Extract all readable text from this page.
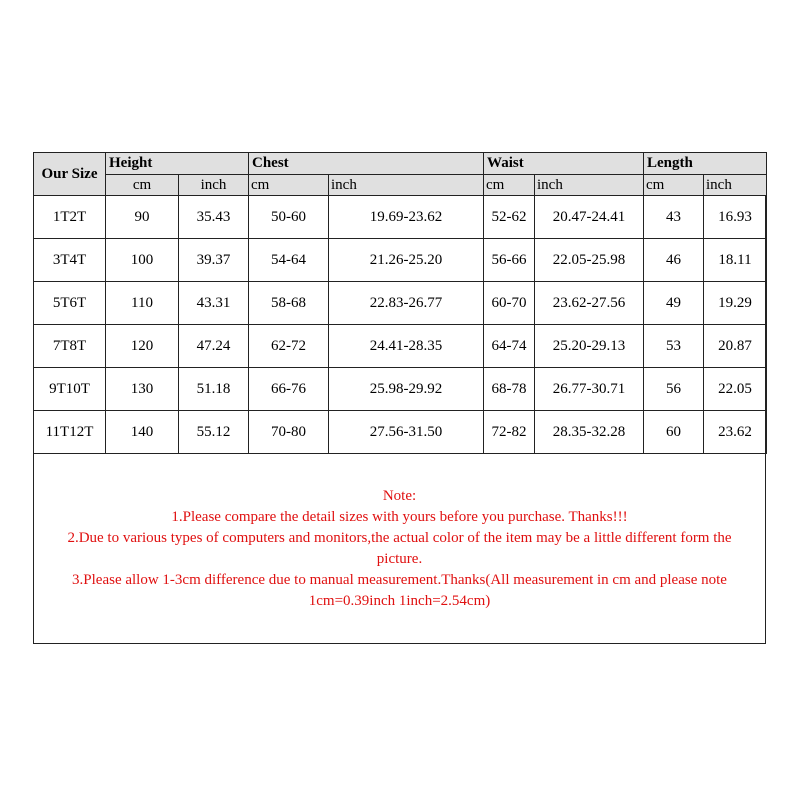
Our Size	Height		Chest		Waist		Length	
	cm	inch	cm	inch	cm	inch	cm	inch
1T2T	90	35.43	50-60	19.69-23.62	52-62	20.47-24.41	43	16.93
3T4T	100	39.37	54-64	21.26-25.20	56-66	22.05-25.98	46	18.11
5T6T	110	43.31	58-68	22.83-26.77	60-70	23.62-27.56	49	19.29
7T8T	120	47.24	62-72	24.41-28.35	64-74	25.20-29.13	53	20.87
9T10T	130	51.18	66-76	25.98-29.92	68-78	26.77-30.71	56	22.05
11T12T	140	55.12	70-80	27.56-31.50	72-82	28.35-32.28	60	23.62
Note:
1.Please compare the detail sizes with yours before you purchase. Thanks!!!
2.Due to various types of computers and monitors,the actual color of the item may be a little different form the
picture.
3.Please allow 1-3cm difference due to manual measurement.Thanks(All measurement in cm and please note
1cm=0.39inch 1inch=2.54cm)
